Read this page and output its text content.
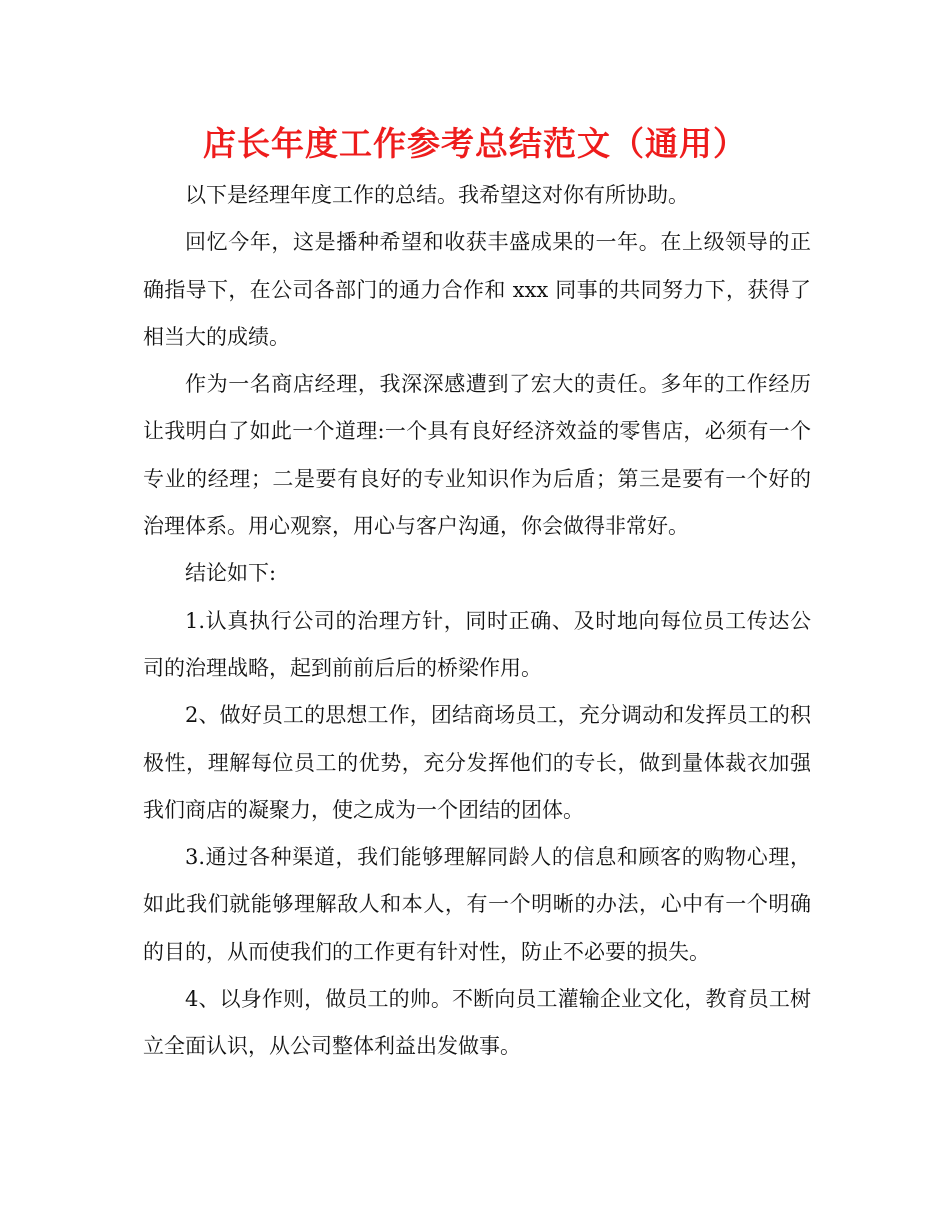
店长年度工作参考总结范文（通用）

以下是经理年度工作的总结。我希望这对你有所协助。

回忆今年，这是播种希望和收获丰盛成果的一年。在上级领导的正确指导下，在公司各部门的通力合作和 xxx 同事的共同努力下，获得了相当大的成绩。

作为一名商店经理，我深深感遭到了宏大的责任。多年的工作经历让我明白了如此一个道理:一个具有良好经济效益的零售店，必须有一个专业的经理；二是要有良好的专业知识作为后盾；第三是要有一个好的治理体系。用心观察，用心与客户沟通，你会做得非常好。

结论如下:

1.认真执行公司的治理方针，同时正确、及时地向每位员工传达公司的治理战略，起到前前后后的桥梁作用。

2、做好员工的思想工作，团结商场员工，充分调动和发挥员工的积极性，理解每位员工的优势，充分发挥他们的专长，做到量体裁衣加强我们商店的凝聚力，使之成为一个团结的团体。

3.通过各种渠道，我们能够理解同龄人的信息和顾客的购物心理，如此我们就能够理解敌人和本人，有一个明晰的办法，心中有一个明确的目的，从而使我们的工作更有针对性，防止不必要的损失。

4、以身作则，做员工的帅。不断向员工灌输企业文化，教育员工树立全面认识，从公司整体利益出发做事。
